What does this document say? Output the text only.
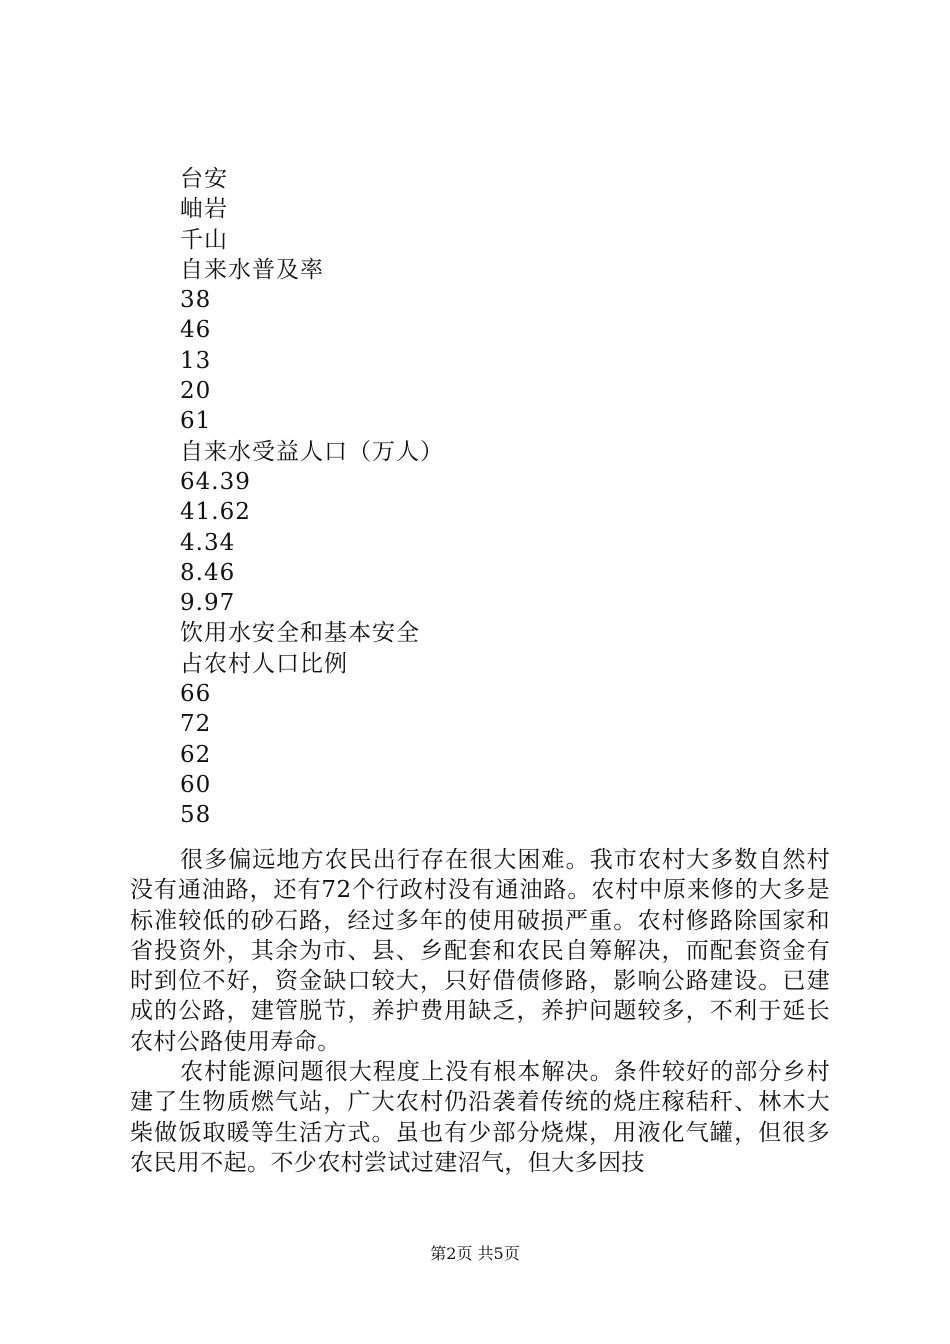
台安
岫岩
千山
自来水普及率
38
46
13
20
61
自来水受益人口（万人）
64.39
41.62
4.34
8.46
9.97
饮用水安全和基本安全
占农村人口比例
66
72
62
60
58

很多偏远地方农民出行存在很大困难。我市农村大多数自然村没有通油路，还有72个行政村没有通油路。农村中原来修的大多是标准较低的砂石路，经过多年的使用破损严重。农村修路除国家和省投资外，其余为市、县、乡配套和农民自筹解决，而配套资金有时到位不好，资金缺口较大，只好借债修路，影响公路建设。已建成的公路，建管脱节，养护费用缺乏，养护问题较多，不利于延长农村公路使用寿命。

农村能源问题很大程度上没有根本解决。条件较好的部分乡村建了生物质燃气站，广大农村仍沿袭着传统的烧庄稼秸秆、林木大柴做饭取暖等生活方式。虽也有少部分烧煤，用液化气罐，但很多农民用不起。不少农村尝试过建沼气，但大多因技

第2页 共5页
